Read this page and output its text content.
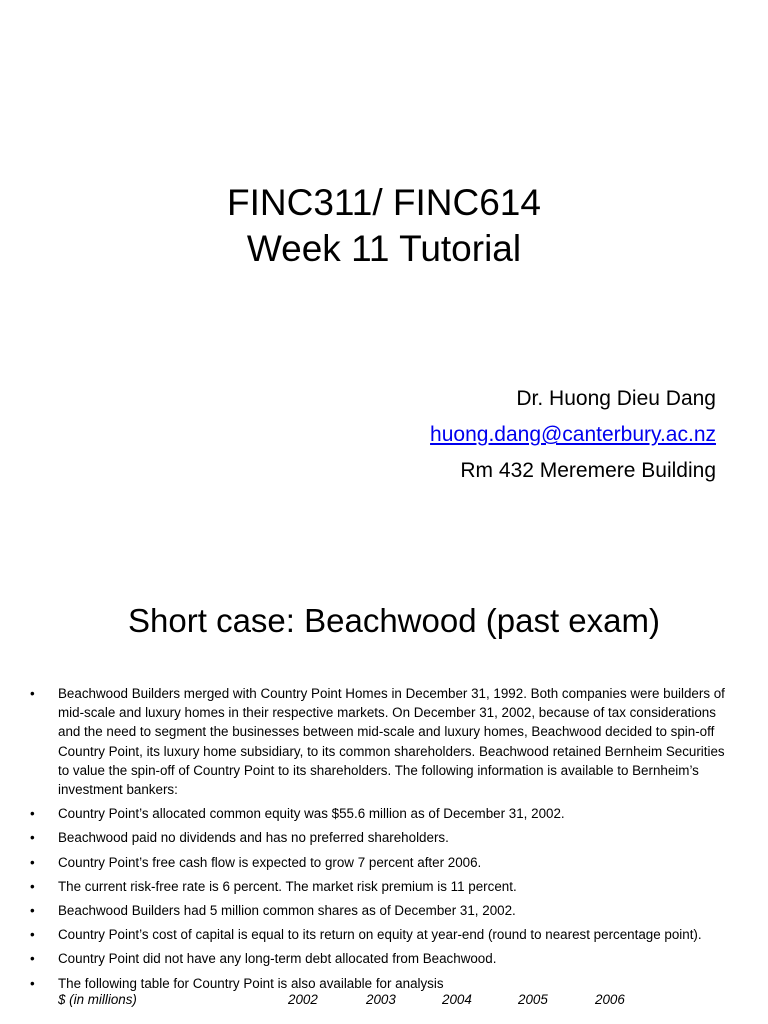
FINC311/ FINC614
Week 11 Tutorial
Dr. Huong Dieu Dang
huong.dang@canterbury.ac.nz
Rm 432 Meremere Building
Short case: Beachwood (past exam)
• Beachwood Builders merged with Country Point Homes in December 31, 1992. Both companies were builders of mid-scale and luxury homes in their respective markets. On December 31, 2002, because of tax considerations and the need to segment the businesses between mid-scale and luxury homes, Beachwood decided to spin-off Country Point, its luxury home subsidiary, to its common shareholders. Beachwood retained Bernheim Securities to value the spin-off of Country Point to its shareholders. The following information is available to Bernheim’s investment bankers:
• Country Point’s allocated common equity was $55.6 million as of December 31, 2002.
• Beachwood paid no dividends and has no preferred shareholders.
• Country Point’s free cash flow is expected to grow 7 percent after 2006.
• The current risk-free rate is 6 percent. The market risk premium is 11 percent.
• Beachwood Builders had 5 million common shares as of December 31, 2002.
• Country Point’s cost of capital is equal to its return on equity at year-end (round to nearest percentage point).
• Country Point did not have any long-term debt allocated from Beachwood.
• The following table for Country Point is also available for analysis
$ (in millions)	2002	2003	2004	2005	2006
